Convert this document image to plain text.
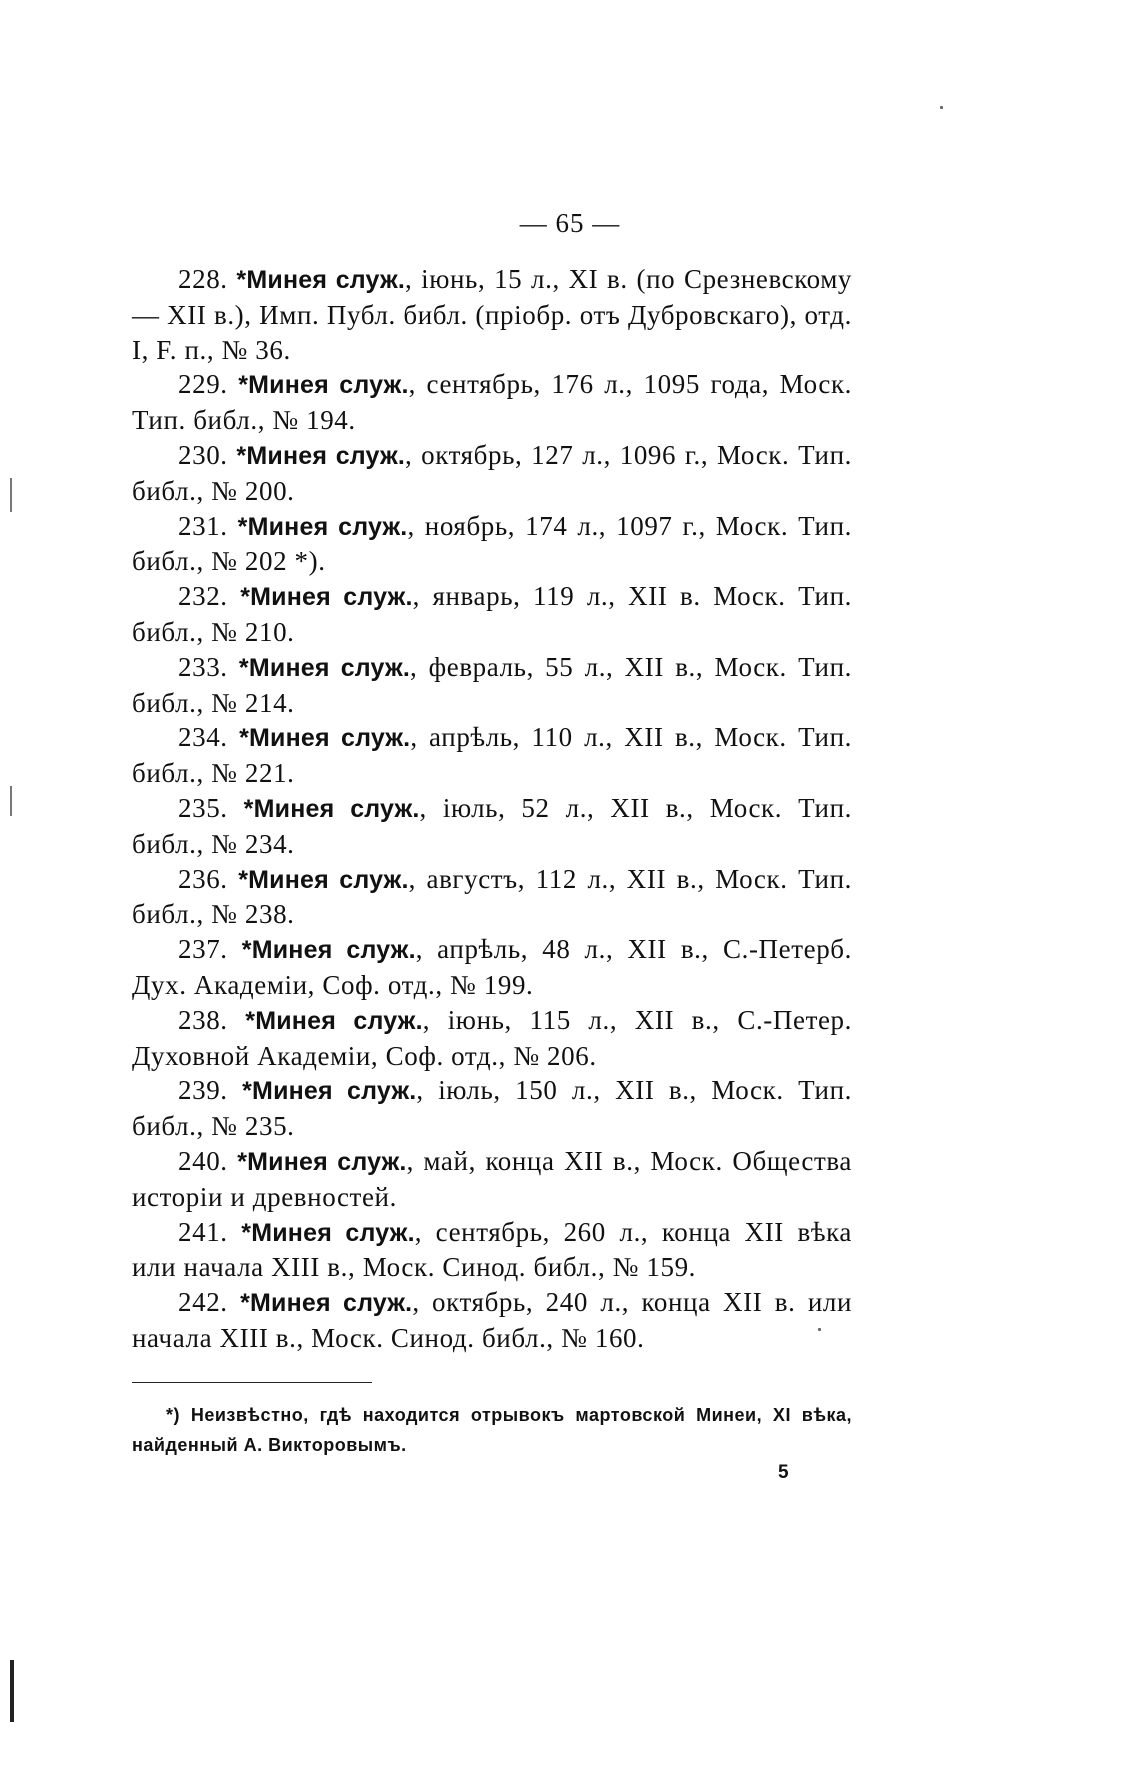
— 65 —

228. *Минея служ., іюнь, 15 л., XI в. (по Срезневскому— XII в.), Имп. Публ. библ. (пріобр. отъ Дубровскаго), отд. I, F. п., № 36.

229. *Минея служ., сентябрь, 176 л., 1095 года, Моск. Тип. библ., № 194.

230. *Минея служ., октябрь, 127 л., 1096 г., Моск. Тип. библ., № 200.

231. *Минея служ., ноябрь, 174 л., 1097 г., Моск. Тип. библ., № 202 *).

232. *Минея служ., январь, 119 л., XII в. Моск. Тип. библ., № 210.

233. *Минея служ., февраль, 55 л., XII в., Моск. Тип. библ., № 214.

234. *Минея служ., апрѣль, 110 л., XII в., Моск. Тип. библ., № 221.

235. *Минея служ., іюль, 52 л., XII в., Моск. Тип. библ., № 234.

236. *Минея служ., августъ, 112 л., XII в., Моск. Тип. библ., № 238.

237. *Минея служ., апрѣль, 48 л., XII в., С.-Петерб. Дух. Академіи, Соф. отд., № 199.

238. *Минея служ., іюнь, 115 л., XII в., С.-Петер. Духовной Академіи, Соф. отд., № 206.

239. *Минея служ., іюль, 150 л., XII в., Моск. Тип. библ., № 235.

240. *Минея служ., май, конца XII в., Моск. Общества исторіи и древностей.

241. *Минея служ., сентябрь, 260 л., конца XII вѣка или начала XIII в., Моск. Синод. библ., № 159.

242. *Минея служ., октябрь, 240 л., конца XII в. или начала XIII в., Моск. Синод. библ., № 160.

*) Неизвѣстно, гдѣ находится отрывокъ мартовской Минеи, XI вѣка, найденный А. Викторовымъ.
5
